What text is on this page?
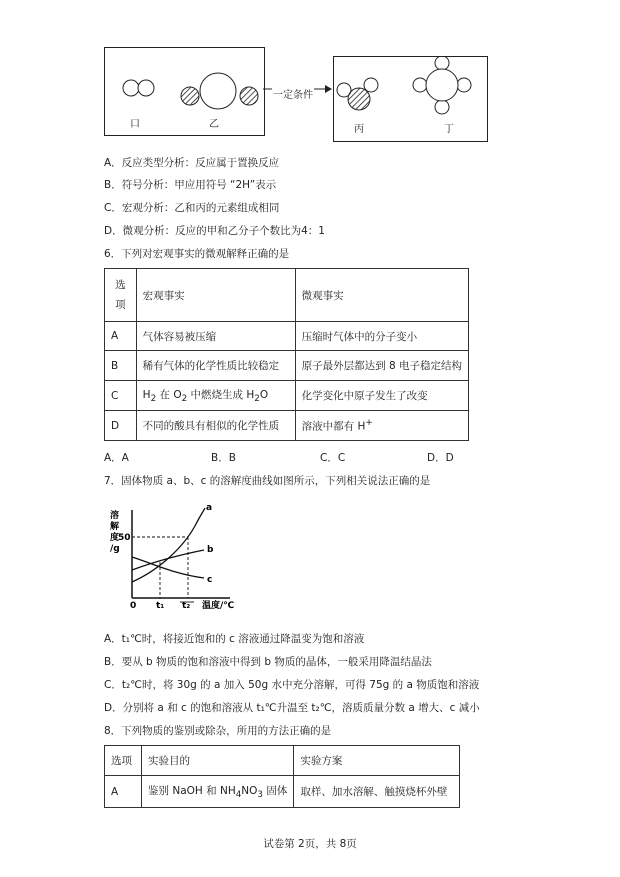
口	乙
一定条件
丙	丁
A．反应类型分析：反应属于置换反应
B．符号分析：甲应用符号 “2H”表示
C．宏观分析：乙和丙的元素组成相同
D．微观分析：反应的甲和乙分子个数比为4：1
6．下列对宏观事实的微观解释正确的是
选
项	宏观事实	微观事实
A	气体容易被压缩	压缩时气体中的分子变小
B	稀有气体的化学性质比较稳定	原子最外层都达到 8 电子稳定结构
C	$H_2$ 在 $O_2$ 中燃烧生成 $H_2O$	化学变化中原子发生了改变
D	不同的酸具有相似的化学性质	溶液中都有 H+
A．A	B．B	C．C	D．D
7．固体物质 a、b、c 的溶解度曲线如图所示，下列相关说法正确的是
溶
解
度
/g
50
0 t₁ t₂ 温度/℃
a
b
c
A．t₁℃时，将接近饱和的 c 溶液通过降温变为饱和溶液
B．要从 b 物质的饱和溶液中得到 b 物质的晶体，一般采用降温结晶法
C．t₂℃时，将 30g 的 a 加入 50g 水中充分溶解，可得 75g 的 a 物质饱和溶液
D．分别将 a 和 c 的饱和溶液从 t₁℃升温至 t₂℃，溶质质量分数 a 增大、c 减小
8．下列物质的鉴别或除杂，所用的方法正确的是
选项	实验目的	实验方案
A	鉴别 NaOH 和 $NH_4NO_3$ 固体	取样、加水溶解、触摸烧杯外壁
试卷第 2页，共 8页
